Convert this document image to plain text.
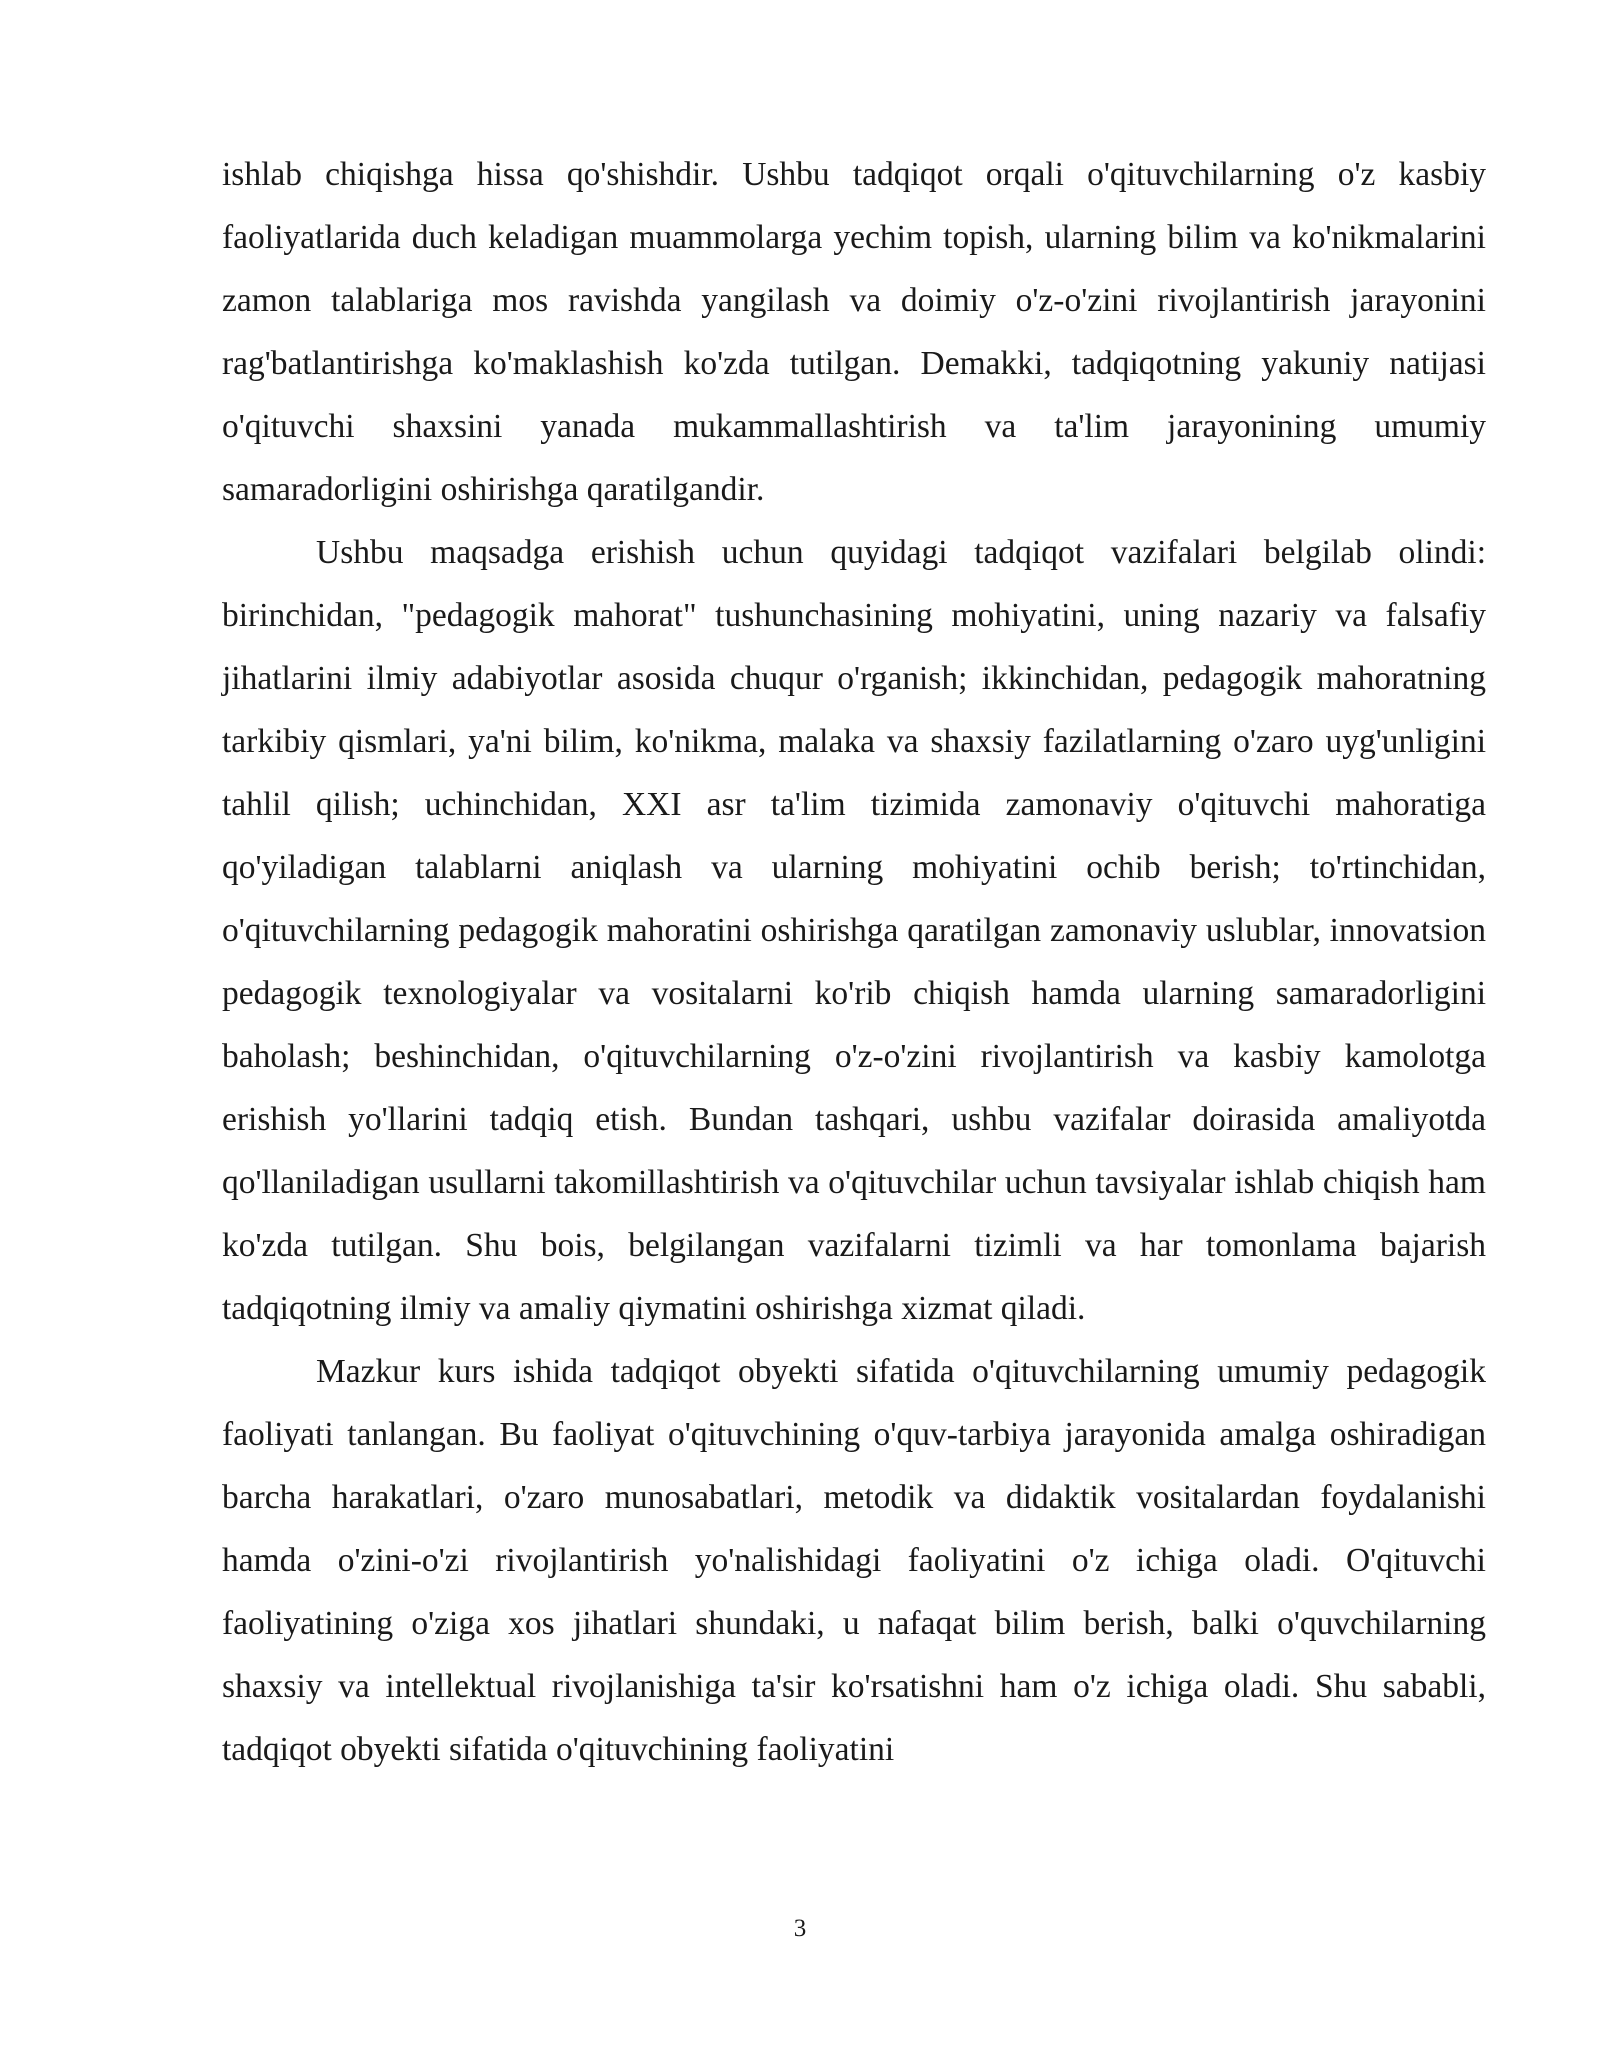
ishlab chiqishga hissa qo'shishdir. Ushbu tadqiqot orqali o'qituvchilarning o'z kasbiy faoliyatlarida duch keladigan muammolarga yechim topish, ularning bilim va ko'nikmalarini zamon talablariga mos ravishda yangilash va doimiy o'z-o'zini rivojlantirish jarayonini rag'batlantirishga ko'maklashish ko'zda tutilgan. Demakki, tadqiqotning yakuniy natijasi o'qituvchi shaxsini yanada mukammallashtirish va ta'lim jarayonining umumiy samaradorligini oshirishga qaratilgandir.

Ushbu maqsadga erishish uchun quyidagi tadqiqot vazifalari belgilab olindi: birinchidan, "pedagogik mahorat" tushunchasining mohiyatini, uning nazariy va falsafiy jihatlarini ilmiy adabiyotlar asosida chuqur o'rganish; ikkinchidan, pedagogik mahoratning tarkibiy qismlari, ya'ni bilim, ko'nikma, malaka va shaxsiy fazilatlarning o'zaro uyg'unligini tahlil qilish; uchinchidan, XXI asr ta'lim tizimida zamonaviy o'qituvchi mahoratiga qo'yiladigan talablarni aniqlash va ularning mohiyatini ochib berish; to'rtinchidan, o'qituvchilarning pedagogik mahoratini oshirishga qaratilgan zamonaviy uslublar, innovatsion pedagogik texnologiyalar va vositalarni ko'rib chiqish hamda ularning samaradorligini baholash; beshinchidan, o'qituvchilarning o'z-o'zini rivojlantirish va kasbiy kamolotga erishish yo'llarini tadqiq etish. Bundan tashqari, ushbu vazifalar doirasida amaliyotda qo'llaniladigan usullarni takomillashtirish va o'qituvchilar uchun tavsiyalar ishlab chiqish ham ko'zda tutilgan. Shu bois, belgilangan vazifalarni tizimli va har tomonlama bajarish tadqiqotning ilmiy va amaliy qiymatini oshirishga xizmat qiladi.

Mazkur kurs ishida tadqiqot obyekti sifatida o'qituvchilarning umumiy pedagogik faoliyati tanlangan. Bu faoliyat o'qituvchining o'quv-tarbiya jarayonida amalga oshiradigan barcha harakatlari, o'zaro munosabatlari, metodik va didaktik vositalardan foydalanishi hamda o'zini-o'zi rivojlantirish yo'nalishidagi faoliyatini o'z ichiga oladi. O'qituvchi faoliyatining o'ziga xos jihatlari shundaki, u nafaqat bilim berish, balki o'quvchilarning shaxsiy va intellektual rivojlanishiga ta'sir ko'rsatishni ham o'z ichiga oladi. Shu sababli, tadqiqot obyekti sifatida o'qituvchining faoliyatini

3
